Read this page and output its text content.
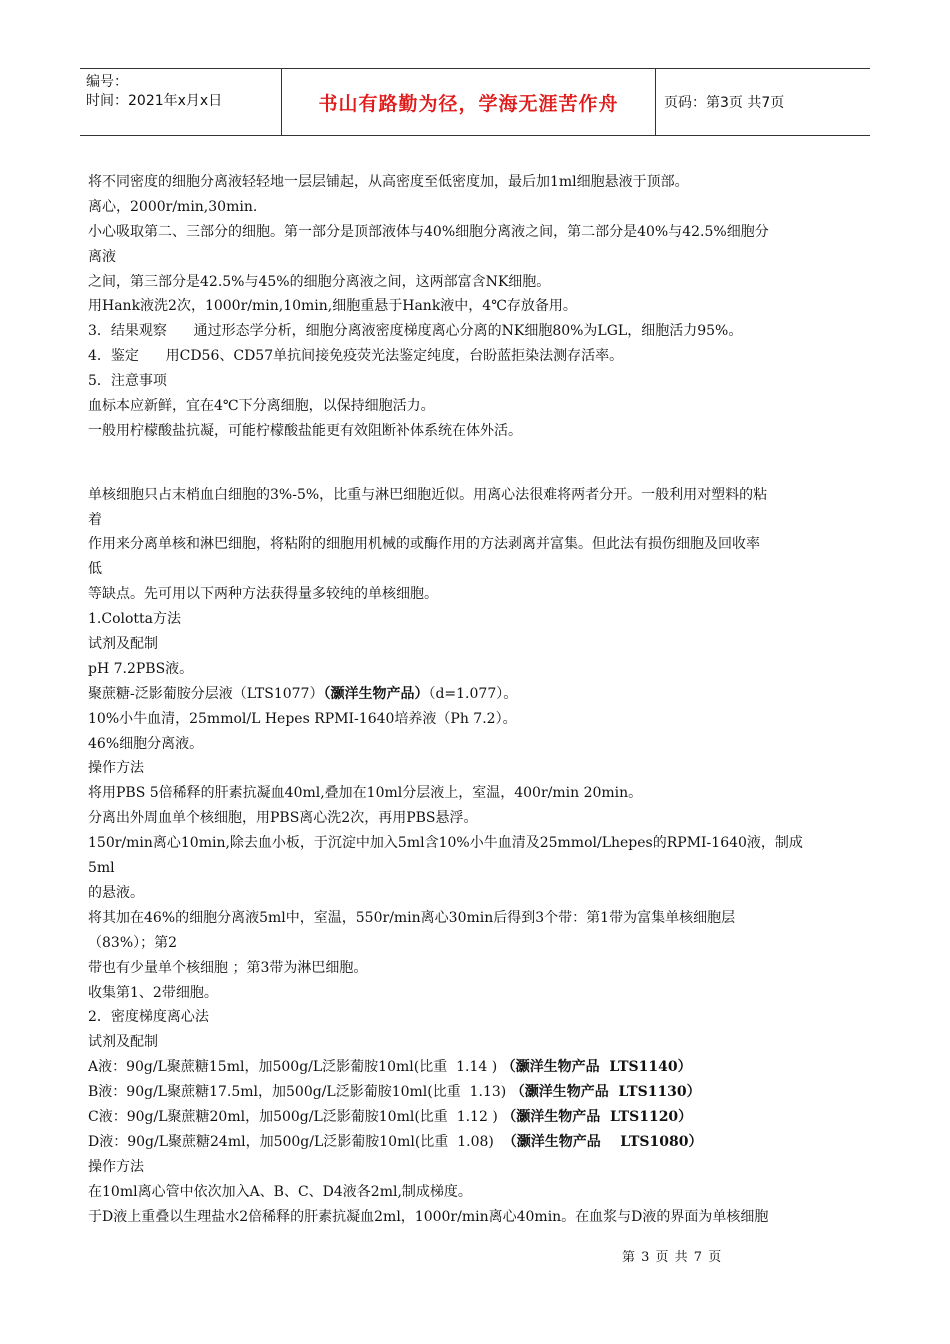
编号：
时间：2021年x月x日	书山有路勤为径，学海无涯苦作舟	页码：第3页 共7页
将不同密度的细胞分离液轻轻地一层层铺起，从高密度至低密度加，最后加1ml细胞悬液于顶部。
离心，2000r/min,30min.
小心吸取第二、三部分的细胞。第一部分是顶部液体与40%细胞分离液之间，第二部分是40%与42.5%细胞分
离液
之间，第三部分是42.5%与45%的细胞分离液之间，这两部富含NK细胞。
用Hank液洗2次，1000r/min,10min,细胞重悬于Hank液中，4℃存放备用。
3．结果观察      通过形态学分析，细胞分离液密度梯度离心分离的NK细胞80%为LGL，细胞活力95%。
4．鉴定      用CD56、CD57单抗间接免疫荧光法鉴定纯度，台盼蓝拒染法测存活率。
5．注意事项
血标本应新鲜，宜在4℃下分离细胞，以保持细胞活力。
一般用柠檬酸盐抗凝，可能柠檬酸盐能更有效阻断补体系统在体外活。

单核细胞只占末梢血白细胞的3%-5%，比重与淋巴细胞近似。用离心法很难将两者分开。一般利用对塑料的粘
着
作用来分离单核和淋巴细胞，将粘附的细胞用机械的或酶作用的方法剥离并富集。但此法有损伤细胞及回收率
低
等缺点。先可用以下两种方法获得量多较纯的单核细胞。
1.Colotta方法
试剂及配制
pH 7.2PBS液。
聚蔗糖-泛影葡胺分层液（LTS1077）（灏洋生物产品）（d=1.077）。
10%小牛血清，25mmol/L Hepes RPMI-1640培养液（Ph 7.2）。
46%细胞分离液。
操作方法
将用PBS 5倍稀释的肝素抗凝血40ml,叠加在10ml分层液上，室温，400r/min 20min。
分离出外周血单个核细胞，用PBS离心洗2次，再用PBS悬浮。
150r/min离心10min,除去血小板，于沉淀中加入5ml含10%小牛血清及25mmol/Lhepes的RPMI-1640液，制成
5ml
的悬液。
将其加在46%的细胞分离液5ml中，室温，550r/min离心30min后得到3个带：第1带为富集单核细胞层
（83%）；第2
带也有少量单个核细胞 ；第3带为淋巴细胞。
收集第1、2带细胞。
2．密度梯度离心法
试剂及配制
A液：90g/L聚蔗糖15ml，加500g/L泛影葡胺10ml(比重  1.14 ) （灏洋生物产品  LTS1140）
B液：90g/L聚蔗糖17.5ml，加500g/L泛影葡胺10ml(比重  1.13) （灏洋生物产品  LTS1130）
C液：90g/L聚蔗糖20ml，加500g/L泛影葡胺10ml(比重  1.12 ) （灏洋生物产品  LTS1120）
D液：90g/L聚蔗糖24ml，加500g/L泛影葡胺10ml(比重  1.08)  （灏洋生物产品    LTS1080）
操作方法
在10ml离心管中依次加入A、B、C、D4液各2ml,制成梯度。
于D液上重叠以生理盐水2倍稀释的肝素抗凝血2ml，1000r/min离心40min。在血浆与D液的界面为单核细胞
第 3 页 共 7 页
